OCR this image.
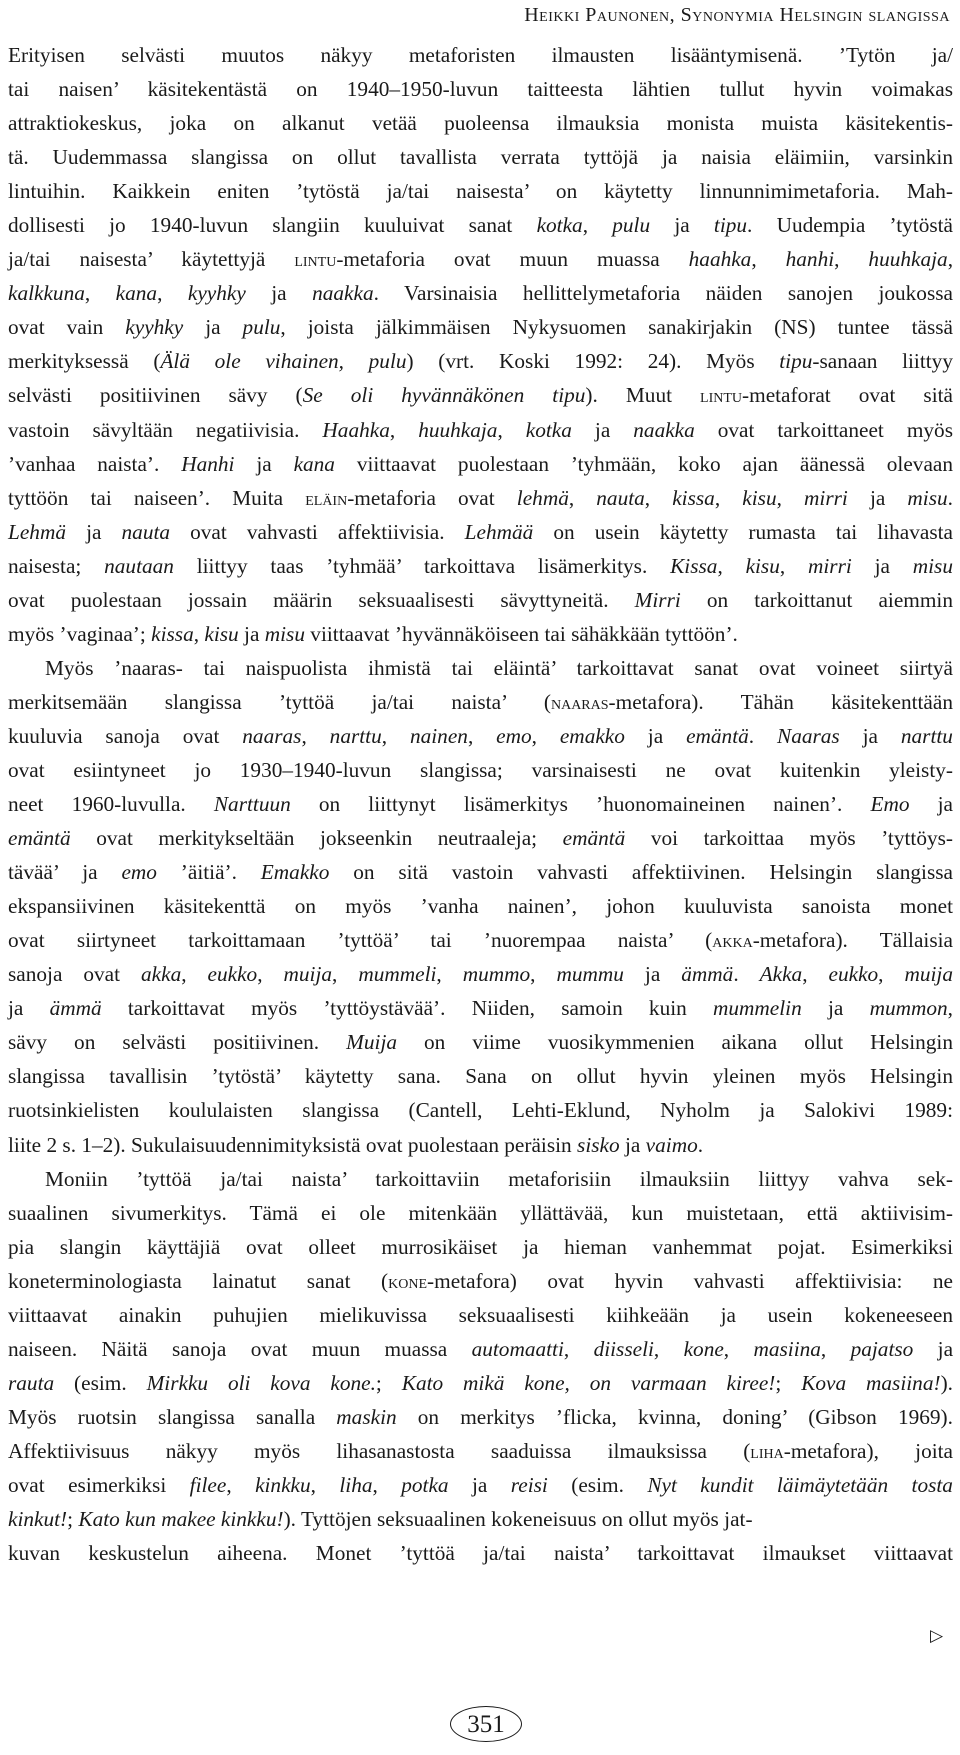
Heikki Paunonen, Synonymia Helsingin slangissa
Erityisen selvästi muutos näkyy metaforisten ilmausten lisääntymisenä. ’Tytön ja/
tai naisen’ käsitekentästä on 1940–1950-luvun taitteesta lähtien tullut hyvin voimakas
attraktiokeskus, joka on alkanut vetää puoleensa ilmauksia monista muista käsitekentis-
tä. Uudemmassa slangissa on ollut tavallista verrata tyttöjä ja naisia eläimiin, varsinkin
lintuihin. Kaikkein eniten ’tytöstä ja/tai naisesta’ on käytetty linnunnimimetaforia. Mah-
dollisesti jo 1940-luvun slangiin kuuluivat sanat kotka, pulu ja tipu. Uudempia ’tytöstä
ja/tai naisesta’ käytettyjä lintu-metaforia ovat muun muassa haahka, hanhi, huuhkaja,
kalkkuna, kana, kyyhky ja naakka. Varsinaisia hellittelymetaforia näiden sanojen joukossa
ovat vain kyyhky ja pulu, joista jälkimmäisen Nykysuomen sanakirjakin (NS) tuntee tässä
merkityksessä (Älä ole vihainen, pulu) (vrt. Koski 1992: 24). Myös tipu-sanaan liittyy
selvästi positiivinen sävy (Se oli hyvännäkönen tipu). Muut lintu-metaforat ovat sitä
vastoin sävyltään negatiivisia. Haahka, huuhkaja, kotka ja naakka ovat tarkoittaneet myös
’vanhaa naista’. Hanhi ja kana viittaavat puolestaan ’tyhmään, koko ajan äänessä olevaan
tyttöön tai naiseen’. Muita eläin-metaforia ovat lehmä, nauta, kissa, kisu, mirri ja misu.
Lehmä ja nauta ovat vahvasti affektiivisia. Lehmää on usein käytetty rumasta tai lihavasta
naisesta; nautaan liittyy taas ’tyhmää’ tarkoittava lisämerkitys. Kissa, kisu, mirri ja misu
ovat puolestaan jossain määrin seksuaalisesti sävyttyneitä. Mirri on tarkoittanut aiemmin
myös ’vaginaa’; kissa, kisu ja misu viittaavat ’hyvännäköiseen tai sähäkkään tyttöön’.
Myös ’naaras- tai naispuolista ihmistä tai eläintä’ tarkoittavat sanat ovat voineet siirtyä
merkitsemään slangissa ’tyttöä ja/tai naista’ (naaras-metafora). Tähän käsitekenttään
kuuluvia sanoja ovat naaras, narttu, nainen, emo, emakko ja emäntä. Naaras ja narttu
ovat esiintyneet jo 1930–1940-luvun slangissa; varsinaisesti ne ovat kuitenkin yleisty-
neet 1960-luvulla. Narttuun on liittynyt lisämerkitys ’huonomaineinen nainen’. Emo ja
emäntä ovat merkitykseltään jokseenkin neutraaleja; emäntä voi tarkoittaa myös ’tyttöys-
tävää’ ja emo ’äitiä’. Emakko on sitä vastoin vahvasti affektiivinen. Helsingin slangissa
ekspansiivinen käsitekenttä on myös ’vanha nainen’, johon kuuluvista sanoista monet
ovat siirtyneet tarkoittamaan ’tyttöä’ tai ’nuorempaa naista’ (akka-metafora). Tällaisia
sanoja ovat akka, eukko, muija, mummeli, mummo, mummu ja ämmä. Akka, eukko, muija
ja ämmä tarkoittavat myös ’tyttöystävää’. Niiden, samoin kuin mummelin ja mummon,
sävy on selvästi positiivinen. Muija on viime vuosikymmenien aikana ollut Helsingin
slangissa tavallisin ’tytöstä’ käytetty sana. Sana on ollut hyvin yleinen myös Helsingin
ruotsinkielisten koululaisten slangissa (Cantell, Lehti-Eklund, Nyholm ja Salokivi 1989:
liite 2 s. 1–2). Sukulaisuudennimityksistä ovat puolestaan peräisin sisko ja vaimo.
Moniin ’tyttöä ja/tai naista’ tarkoittaviin metaforisiin ilmauksiin liittyy vahva sek-
suaalinen sivumerkitys. Tämä ei ole mitenkään yllättävää, kun muistetaan, että aktiivisim-
pia slangin käyttäjiä ovat olleet murrosikäiset ja hieman vanhemmat pojat. Esimerkiksi
koneterminologiasta lainatut sanat (kone-metafora) ovat hyvin vahvasti affektiivisia: ne
viittaavat ainakin puhujien mielikuvissa seksuaalisesti kiihkeään ja usein kokeneeseen
naiseen. Näitä sanoja ovat muun muassa automaatti, diisseli, kone, masiina, pajatso ja
rauta (esim. Mirkku oli kova kone.; Kato mikä kone, on varmaan kiree!; Kova masiina!).
Myös ruotsin slangissa sanalla maskin on merkitys ’flicka, kvinna, doning’ (Gibson 1969).
Affektiivisuus näkyy myös lihasanastosta saaduissa ilmauksissa (liha-metafora), joita
ovat esimerkiksi filee, kinkku, liha, potka ja reisi (esim. Nyt kundit läimäytetään tosta
kinkut!; Kato kun makee kinkku!). Tyttöjen seksuaalinen kokeneisuus on ollut myös jat-
kuvan keskustelun aiheena. Monet ’tyttöä ja/tai naista’ tarkoittavat ilmaukset viittaavat
▷
351
